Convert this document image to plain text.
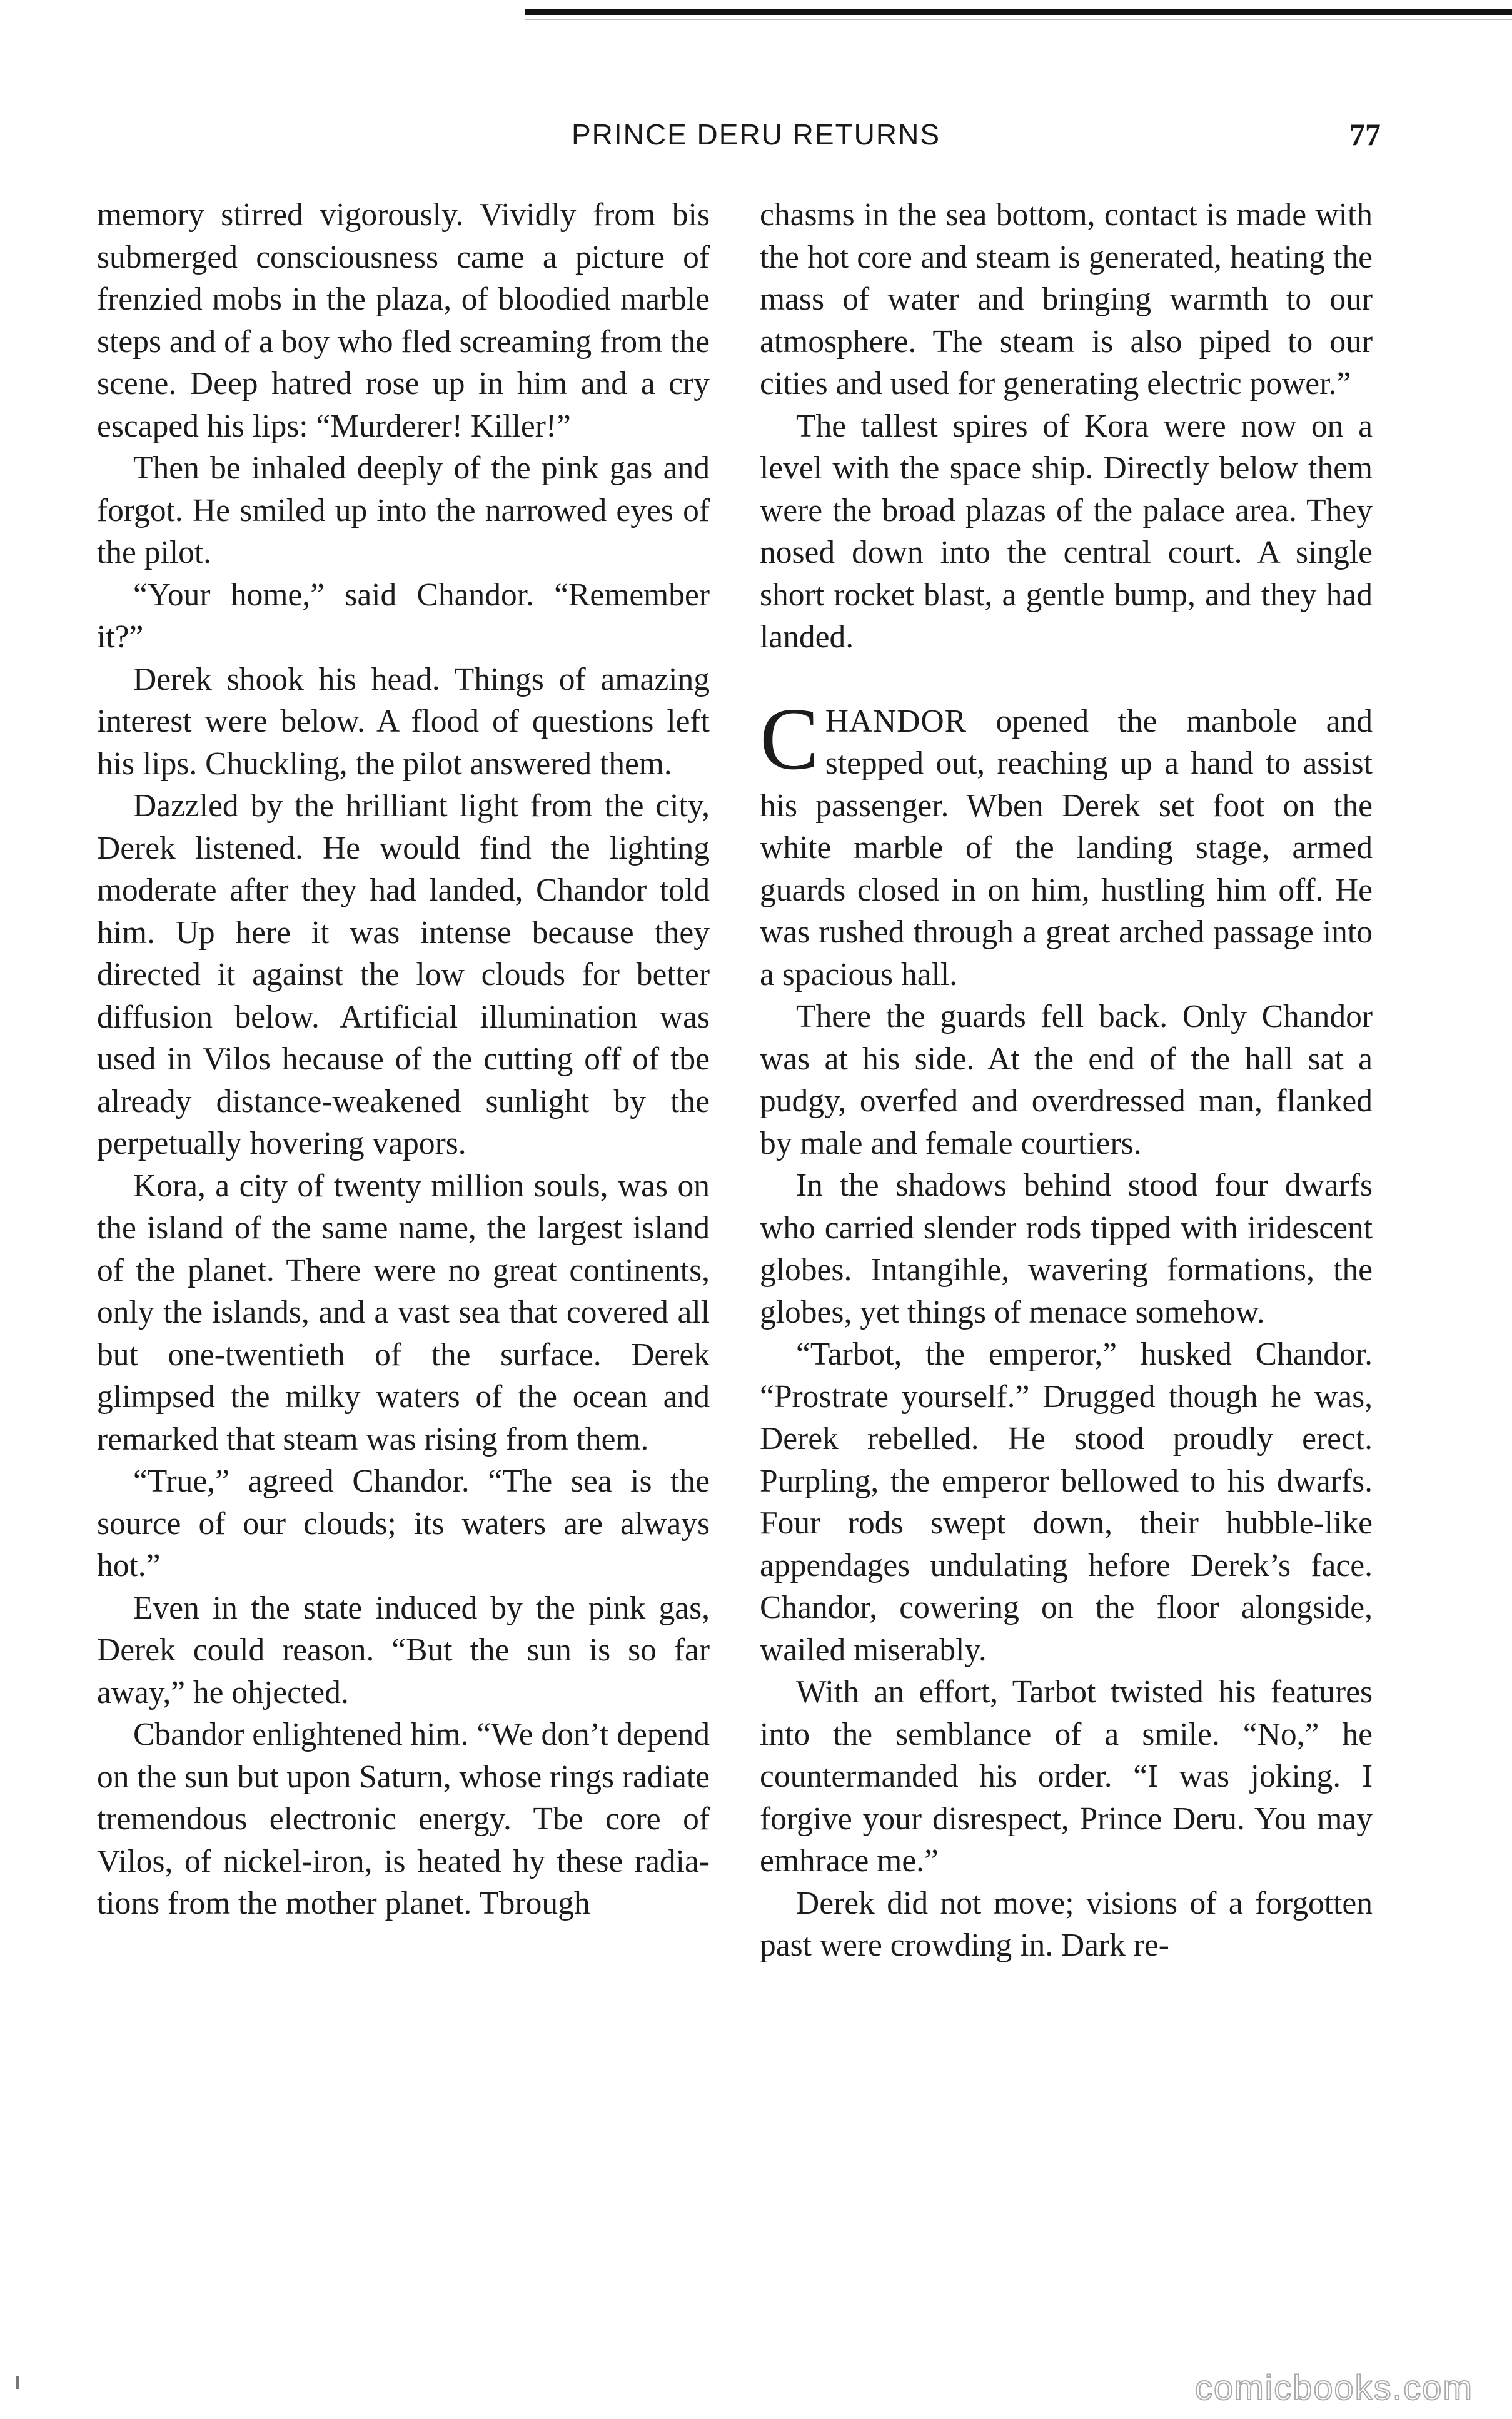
PRINCE DERU RETURNS	77

memory stirred vigorously. Vividly from bis submerged consciousness came a picture of frenzied mobs in the plaza, of bloodied marble steps and of a boy who fled screaming from the scene. Deep hatred rose up in him and a cry escaped his lips: “Murderer! Killer!”

Then be inhaled deeply of the pink gas and forgot. He smiled up into the narrowed eyes of the pilot.

“Your home,” said Chandor. “Remember it?”

Derek shook his head. Things of amazing interest were below. A flood of questions left his lips. Chuckling, the pilot answered them.

Dazzled by the hrilliant light from the city, Derek listened. He would find the lighting moderate after they had landed, Chandor told him. Up here it was intense because they directed it against the low clouds for better diffusion below. Artificial illumination was used in Vilos hecause of the cutting off of tbe already distance-weakened sunlight by the perpetually hovering vapors.

Kora, a city of twenty million souls, was on the island of the same name, the largest island of the planet. There were no great continents, only the islands, and a vast sea that covered all but one-twentieth of the surface. Derek glimpsed the milky waters of the ocean and remarked that steam was rising from them.

“True,” agreed Chandor. “The sea is the source of our clouds; its waters are always hot.”

Even in the state induced by the pink gas, Derek could reason. “But the sun is so far away,” he ohjected.

Cbandor enlightened him. “We don’t depend on the sun but upon Saturn, whose rings radiate tremendous electronic energy. Tbe core of Vilos, of nickel-iron, is heated hy these radiations from the mother planet. Tbrough

chasms in the sea bottom, contact is made with the hot core and steam is generated, heating the mass of water and bringing warmth to our atmosphere. The steam is also piped to our cities and used for generating electric power.”

The tallest spires of Kora were now on a level with the space ship. Directly below them were the broad plazas of the palace area. They nosed down into the central court. A single short rocket blast, a gentle bump, and they had landed.

CHANDOR opened the manbole and stepped out, reaching up a hand to assist his passenger. Wben Derek set foot on the white marble of the landing stage, armed guards closed in on him, hustling him off. He was rushed through a great arched passage into a spacious hall.

There the guards fell back. Only Chandor was at his side. At the end of the hall sat a pudgy, overfed and overdressed man, flanked by male and female courtiers.

In the shadows behind stood four dwarfs who carried slender rods tipped with iridescent globes. Intangihle, wavering formations, the globes, yet things of menace somehow.

“Tarbot, the emperor,” husked Chandor. “Prostrate yourself.” Drugged though he was, Derek rebelled. He stood proudly erect. Purpling, the emperor bellowed to his dwarfs. Four rods swept down, their hubble-like appendages undulating hefore Derek’s face. Chandor, cowering on the floor alongside, wailed miserably.

With an effort, Tarbot twisted his features into the semblance of a smile. “No,” he countermanded his order. “I was joking. I forgive your disrespect, Prince Deru. You may emhrace me.”

Derek did not move; visions of a forgotten past were crowding in. Dark re-

comicbooks.com
